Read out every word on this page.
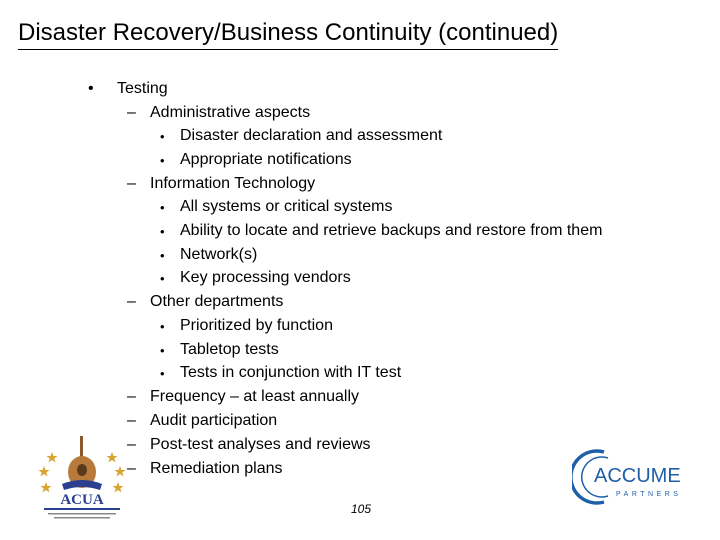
Disaster Recovery/Business Continuity (continued)
• Testing
– Administrative aspects
• Disaster declaration and assessment
• Appropriate notifications
– Information Technology
• All systems or critical systems
• Ability to locate and retrieve backups and restore from them
• Network(s)
• Key processing vendors
– Other departments
• Prioritized by function
• Tabletop tests
• Tests in conjunction with IT test
– Frequency – at least annually
– Audit participation
– Post-test analyses and reviews
– Remediation plans
105
ACUA
ACCUME
PARTNERS
